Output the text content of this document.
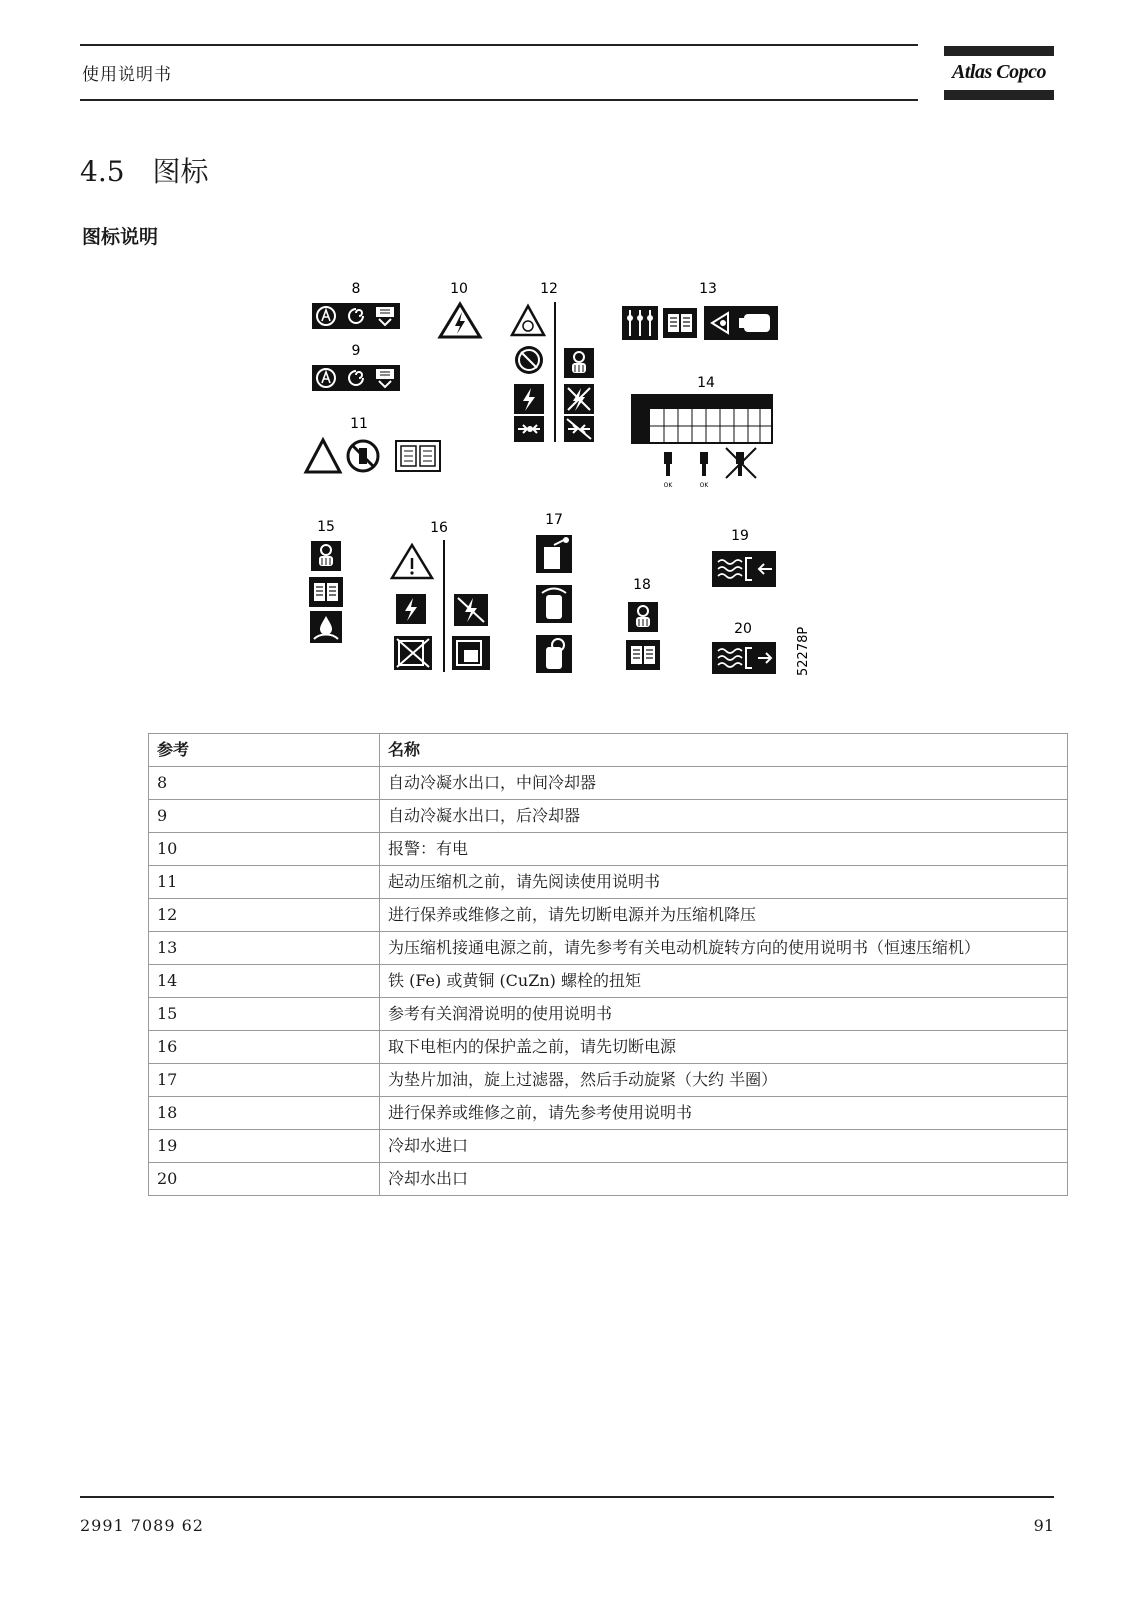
使用说明书	Atlas Copco
4.5 图标
图标说明
8
9
10
11
12	13
14
OK	OK
15	16	17
18
19
20	52278P
参考	名称
8	自动冷凝水出口，中间冷却器
9	自动冷凝水出口，后冷却器
10	报警：有电
11	起动压缩机之前，请先阅读使用说明书
12	进行保养或维修之前，请先切断电源并为压缩机降压
13	为压缩机接通电源之前，请先参考有关电动机旋转方向的使用说明书（恒速压缩机）
14	铁 (Fe) 或黄铜 (CuZn) 螺栓的扭矩
15	参考有关润滑说明的使用说明书
16	取下电柜内的保护盖之前，请先切断电源
17	为垫片加油，旋上过滤器，然后手动旋紧（大约 半圈）
18	进行保养或维修之前，请先参考使用说明书
19	冷却水进口
20	冷却水出口
2991 7089 62	91
